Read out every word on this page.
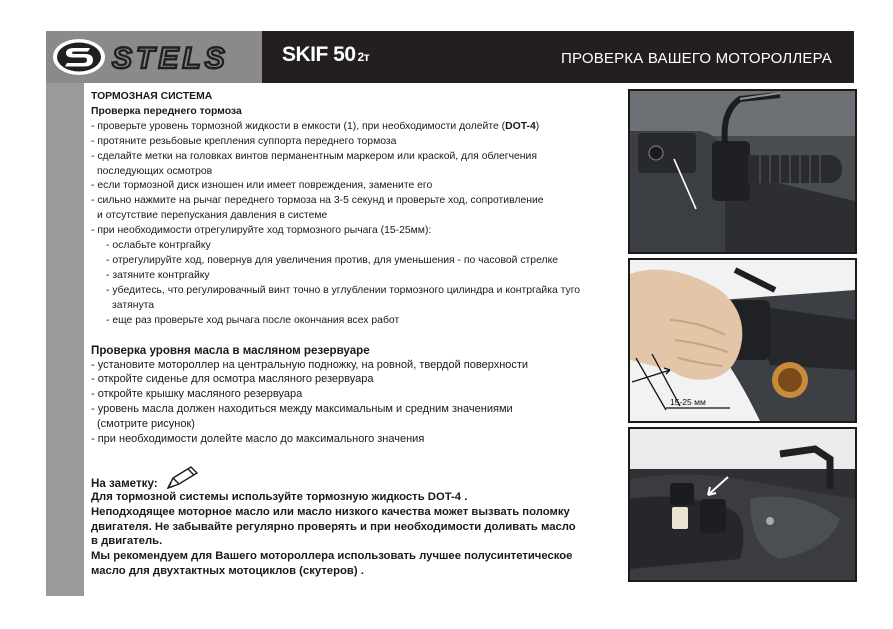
STELS	SKIF 50 2т	ПРОВЕРКА ВАШЕГО МОТОРОЛЛЕРА
ТОРМОЗНАЯ СИСТЕМА
Проверка переднего тормоза
- проверьте уровень тормозной жидкости в емкости (1), при необходимости долейте (DOT-4)
- протяните резьбовые крепления суппорта переднего тормоза
- сделайте метки на головках винтов перманентным маркером или краской, для облегчения
последующих осмотров
- если тормозной диск изношен или имеет повреждения, замените его
- сильно нажмите на рычаг переднего тормоза на 3-5 секунд и проверьте ход, сопротивление
и отсутствие перепускания давления в системе
- при необходимости отрегулируйте ход тормозного рычага (15-25мм):
- ослабьте контргайку
- отрегулируйте ход, повернув для увеличения против, для уменьшения - по часовой стрелке
- затяните контргайку
- убедитесь, что регулировачный винт точно в углублении тормозного цилиндра и контргайка туго
затянута
- еще раз проверьте ход рычага после окончания всех работ
Проверка уровня масла в масляном резервуаре
- установите мотороллер на центральную подножку, на ровной, твердой поверхности
- откройте сиденье для осмотра масляного резервуара
- откройте крышку масляного резервуара
- уровень масла должен находиться между максимальным и средним значениями
(смотрите рисунок)
- при необходимости долейте масло до максимального значения
На заметку:
Для тормозной системы используйте тормозную жидкость DOT-4 .
Неподходящее моторное масло или масло низкого качества может вызвать поломку
двигателя. Не забывайте регулярно проверять и при необходимости доливать масло
в двигатель.
Мы рекомендуем для Вашего мотороллера использовать лучшее полусинтетическое
масло для двухтактных мотоциклов (скутеров) .
15-25 мм
